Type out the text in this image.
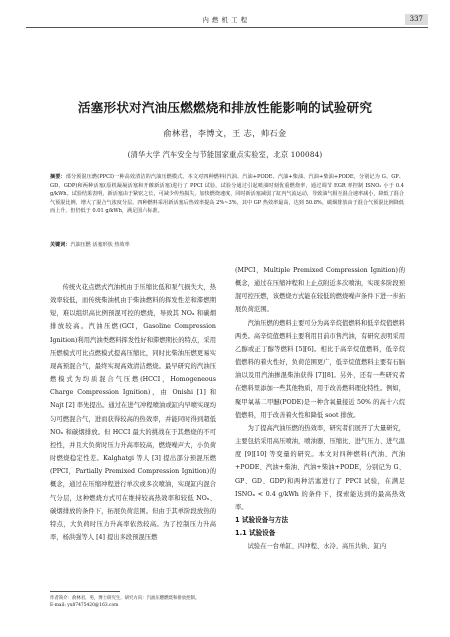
内 燃 机 工 程	337
活塞形状对汽油压燃燃烧和排放性能影响的试验研究
俞林君，李博文，王 志，帅石金
(清华大学 汽车安全与节能国家重点实验室，北京 100084)
摘要：部分预混压燃(PPCI)一种高效清洁的汽油压燃模式。本文对四种燃料(汽油、汽油+PODE、汽油+柴油、汽油+柴油+PODE，分别记为 G、GP、GD、GDP)和两种活塞(原机凝凝活塞和开敞新活塞)进行了 PPCI 试验。试验分通过引起喷油时刻优重燃烧率，通过调节 EGR 率控制 ISNOₓ 小于 0.4 g/kWh。试验结果表明，新活塞由于紧密之长，可减少传热损失，加快燃烧速度，同时新活塞减弱了缸内气流运动，导致油气相互混合速率减小，降低了混合气预混比例，增大了混合气浓度分层。四种燃料采用新活塞后热效率提高 2%~3%，其中 GP 热效率最高，达到 50.8%。碳烟排放由于混合气预混比例降低而上升，但仍低于 0.01 g/kWh，满足国六标准。
关键词：汽油压燃 活塞形状 热效率

传统火花点燃式汽油机由于压缩比低和泵气损失大，热效率较低，而传统柴油机由于柴油燃料的挥发性差和滞燃期短，难以组织高比例预混可控的燃烧，导致其 NOₓ 和碳烟排放较高。汽油压燃(GCI，Gasoline Compression Ignition)利用汽油类燃料挥发性好和滞燃期长的特点，采用压燃模式可比点燃模式提高压缩比，同时比柴油压燃更易实现高预混合气，最终实现高效清洁燃烧。最早研究的汽油压燃模式为均质混合气压燃(HCCI，Homogeneous Charge Compression Ignition)，由 Onishi [1] 和 Najt [2] 率先提出。通过在进气冲程喷油或缸内早喷实现均匀可燃混合气，进而获得较高的热效率，并能同时得到超低 NOₓ 和碳烟排放。但 HCCI 最大的挑战在于其燃烧的不可控性，并且大负荷时压力升高率较高，燃烧噪声大，小负荷时燃烧稳定性差。Kalghatgi 等人 [3] 提出部分预混压燃(PPCI，Partially Premixed Compression Ignition)的概念，通过在压缩冲程进行单次或多次喷油，实现缸内混合气分层，这种燃烧方式可在维持较高热效率和较低 NOₓ、碳烟排放的条件下，拓展负荷范围。但由于其单阶段放热的特点，大负荷时压力升高率依然较高。为了控制压力升高率，杨洪强等人 [4] 提出多段预混压燃

(MPCI，Multiple Premixed Compression Ignition)的概念，通过在压缩冲程和上止点附近多次喷油，实现多阶段预混可控压燃，该燃烧方式能在较低的燃烧噪声条件下进一步拓展负荷范围。

汽油压燃的燃料主要可分为高辛烷值燃料和低辛烷值燃料两类。高辛烷值燃料主要利用目前市售汽油，有研究表明采用乙醇或正丁醇等燃料 [5][6]。相比于高辛烷值燃料，低辛烷值燃料的着火性好，负荷范围更广，低辛烷值燃料主要有石脑油以及用汽油掺混柴油获得 [7][8]。另外，还有一些研究者在燃料里添加一些其他物质，用于改善燃料理化特性。例如，聚甲氧基二甲醚(PODE)是一种含氧量接近 50% 的高十六烷值燃料，用于改善着火性和降低 soot 排放。

为了提高汽油压燃的热效率，研究者们展开了大量研究，主要包括采用高压喷油，喷油器、压缩比、进气压力、进气温度 [9][10] 等变量的研究。本文对四种燃料(汽油、汽油+PODE、汽油+柴油、汽油+柴油+PODE，分别记为 G、GP、GD、GDP)和两种活塞进行了 PPCI 试验，在满足 ISNOₓ < 0.4 g/kWh 的条件下，探索能达到的最高热效率。

1 试验设备与方法

1.1 试验设备

试验在一台单缸、四冲程、水冷、高压共轨、缸内

作者简介：俞林君，男，博士研究生，研究方向：汽油压燃燃烧和排放控制。
E-mail: yu87475420@163.com
